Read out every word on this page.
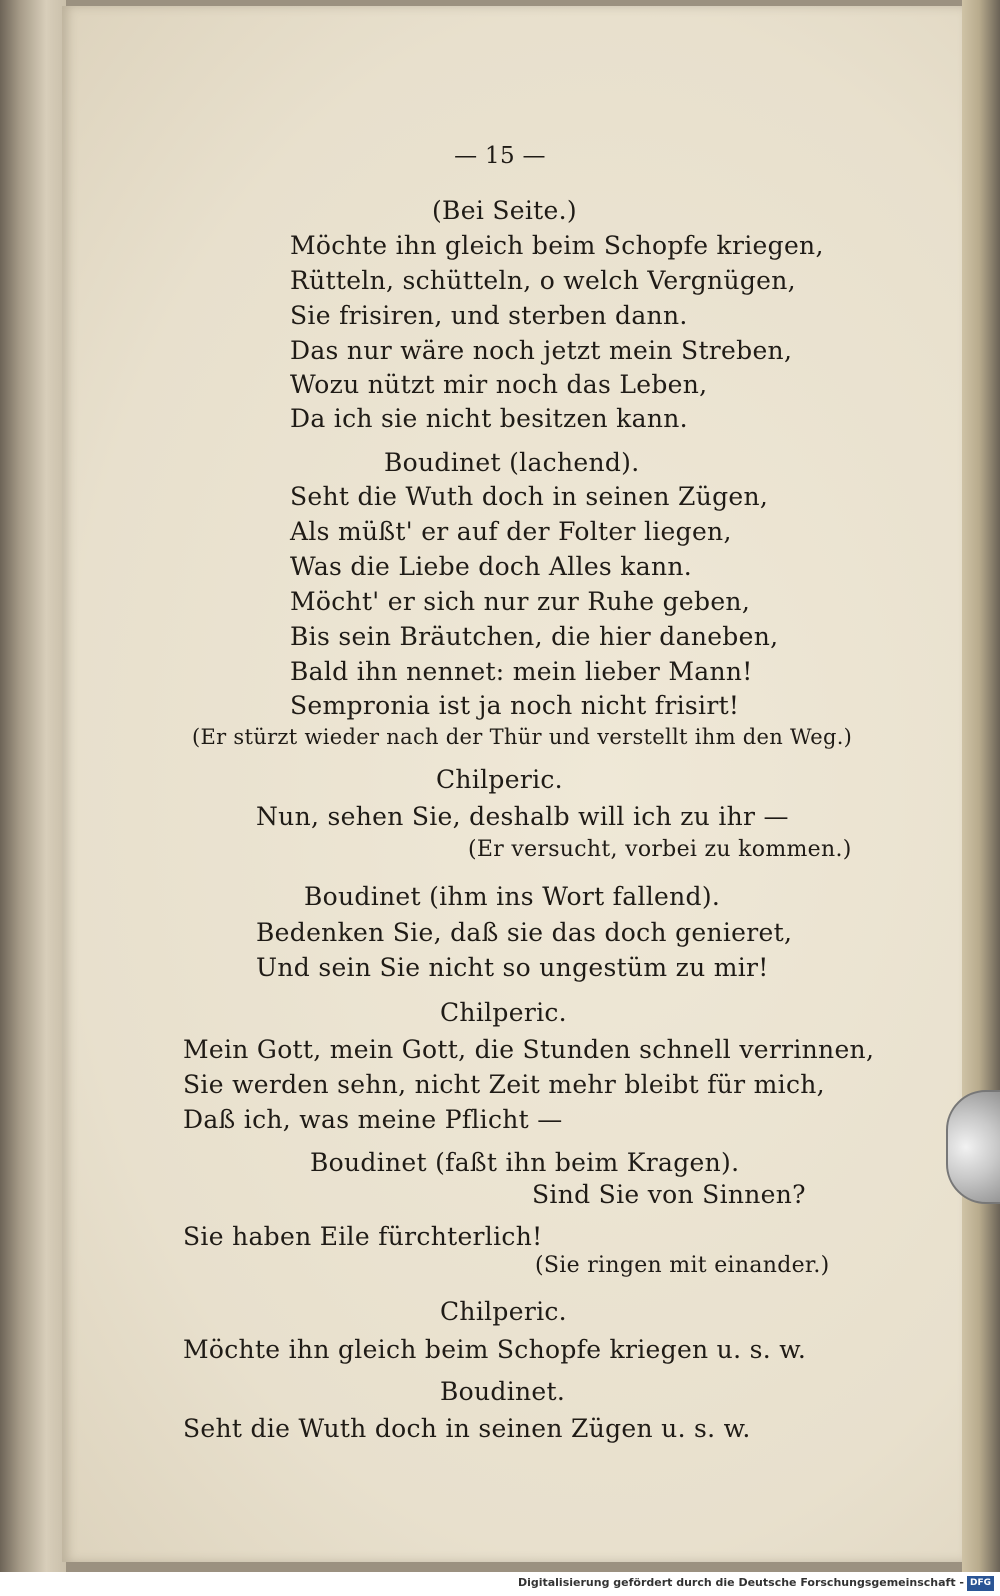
— 15 —
(Bei Seite.)
Möchte ihn gleich beim Schopfe kriegen,
Rütteln, schütteln, o welch Vergnügen,
Sie frisiren, und sterben dann.
Das nur wäre noch jetzt mein Streben,
Wozu nützt mir noch das Leben,
Da ich sie nicht besitzen kann.
Boudinet (lachend).
Seht die Wuth doch in seinen Zügen,
Als müßt' er auf der Folter liegen,
Was die Liebe doch Alles kann.
Möcht' er sich nur zur Ruhe geben,
Bis sein Bräutchen, die hier daneben,
Bald ihn nennet: mein lieber Mann!
Sempronia ist ja noch nicht frisirt!
(Er stürzt wieder nach der Thür und verstellt ihm den Weg.)
Chilperic.
Nun, sehen Sie, deshalb will ich zu ihr —
(Er versucht, vorbei zu kommen.)
Boudinet (ihm ins Wort fallend).
Bedenken Sie, daß sie das doch genieret,
Und sein Sie nicht so ungestüm zu mir!
Chilperic.
Mein Gott, mein Gott, die Stunden schnell verrinnen,
Sie werden sehn, nicht Zeit mehr bleibt für mich,
Daß ich, was meine Pflicht —
Boudinet (faßt ihn beim Kragen).
Sind Sie von Sinnen?
Sie haben Eile fürchterlich!
(Sie ringen mit einander.)
Chilperic.
Möchte ihn gleich beim Schopfe kriegen u. s. w.
Boudinet.
Seht die Wuth doch in seinen Zügen u. s. w.
Digitalisierung gefördert durch die Deutsche Forschungsgemeinschaft - DFG
